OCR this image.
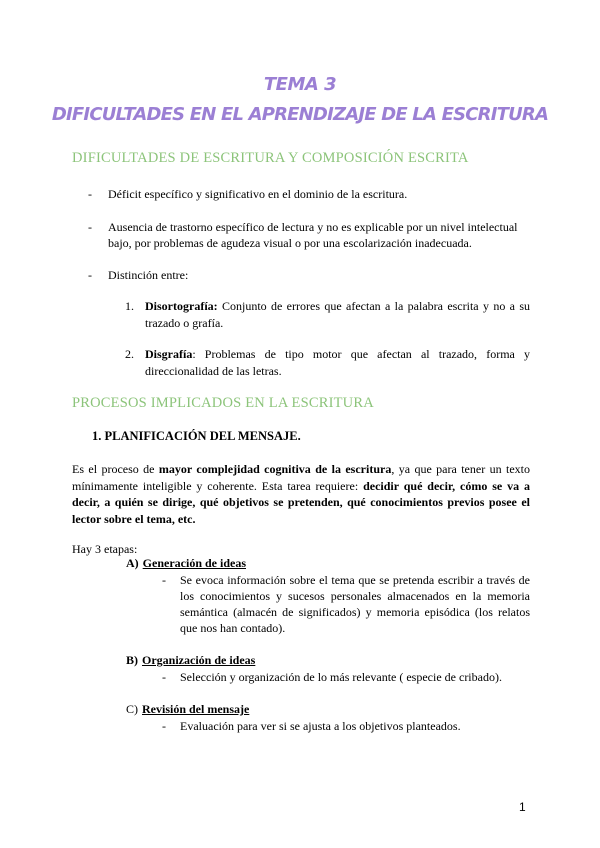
TEMA 3
DIFICULTADES EN EL APRENDIZAJE DE LA ESCRITURA
DIFICULTADES DE ESCRITURA Y COMPOSICIÓN ESCRITA
- Déficit específico y significativo en el dominio de la escritura.
- Ausencia de trastorno específico de lectura y no es explicable por un nivel intelectual bajo, por problemas de agudeza visual o por una escolarización inadecuada.
- Distinción entre:
1. Disortografía: Conjunto de errores que afectan a la palabra escrita y no a su trazado o grafía.
2. Disgrafía: Problemas de tipo motor que afectan al trazado, forma y direccionalidad de las letras.
PROCESOS IMPLICADOS EN LA ESCRITURA
1. PLANIFICACIÓN DEL MENSAJE.
Es el proceso de mayor complejidad cognitiva de la escritura, ya que para tener un texto mínimamente inteligible y coherente. Esta tarea requiere: decidir qué decir, cómo se va a decir, a quién se dirige, qué objetivos se pretenden, qué conocimientos previos posee el lector sobre el tema, etc.
Hay 3 etapas:
A) Generación de ideas
- Se evoca información sobre el tema que se pretenda escribir a través de los conocimientos y sucesos personales almacenados en la memoria semántica (almacén de significados) y memoria episódica (los relatos que nos han contado).
B) Organización de ideas
- Selección y organización de lo más relevante ( especie de cribado).
C) Revisión del mensaje
- Evaluación para ver si se ajusta a los objetivos planteados.
1
